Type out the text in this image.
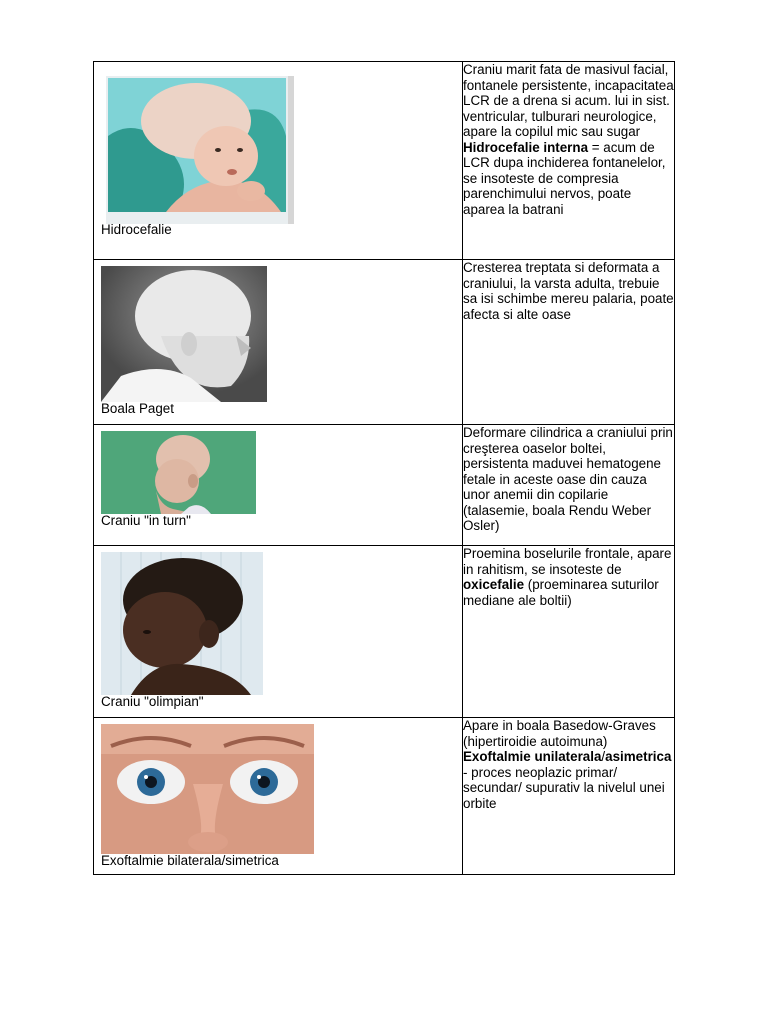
Hidrocefalie	Craniu marit fata de masivul facial, fontanele persistente, incapacitatea LCR de a drena si acum. lui in sist. ventricular, tulburari neurologice, apare la copilul mic sau sugar
Hidrocefalie interna = acum de LCR dupa inchiderea fontanelelor, se insoteste de compresia parenchimului nervos, poate aparea la batrani

Boala Paget	Cresterea treptata si deformata a craniului, la varsta adulta, trebuie sa isi schimbe mereu palaria, poate afecta si alte oase

Craniu "in turn"	Deformare cilindrica a craniului prin creşterea oaselor boltei, persistenta maduvei hematogene fetale in aceste oase din cauza unor anemii din copilarie (talasemie, boala Rendu Weber Osler)

Craniu "olimpian"	Proemina boselurile frontale, apare in rahitism, se insoteste de oxicefalie (proeminarea suturilor mediane ale boltii)

Exoftalmie bilaterala/simetrica	Apare in boala Basedow-Graves (hipertiroidie autoimuna)
Exoftalmie unilaterala/asimetrica - proces neoplazic primar/ secundar/ supurativ la nivelul unei orbite
